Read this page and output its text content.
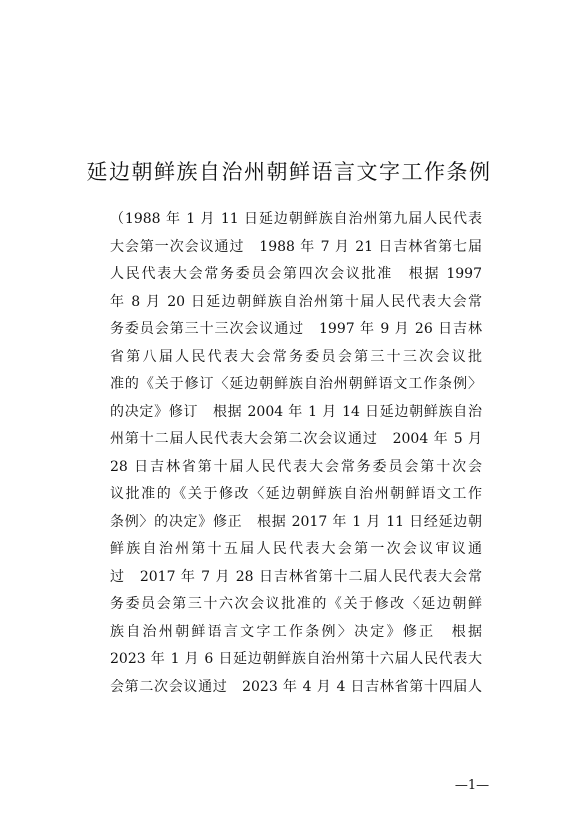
延边朝鲜族自治州朝鲜语言文字工作条例
（1988 年 1 月 11 日延边朝鲜族自治州第九届人民代表
大会第一次会议通过　1988 年 7 月 21 日吉林省第七届
人民代表大会常务委员会第四次会议批准　根据 1997
年 8 月 20 日延边朝鲜族自治州第十届人民代表大会常
务委员会第三十三次会议通过　1997 年 9 月 26 日吉林
省第八届人民代表大会常务委员会第三十三次会议批
准的《关于修订〈延边朝鲜族自治州朝鲜语文工作条例〉
的决定》修订　根据 2004 年 1 月 14 日延边朝鲜族自治
州第十二届人民代表大会第二次会议通过　2004 年 5 月
28 日吉林省第十届人民代表大会常务委员会第十次会
议批准的《关于修改〈延边朝鲜族自治州朝鲜语文工作
条例〉的决定》修正　根据 2017 年 1 月 11 日经延边朝
鲜族自治州第十五届人民代表大会第一次会议审议通
过　2017 年 7 月 28 日吉林省第十二届人民代表大会常
务委员会第三十六次会议批准的《关于修改〈延边朝鲜
族自治州朝鲜语言文字工作条例〉决定》修正　根据
2023 年 1 月 6 日延边朝鲜族自治州第十六届人民代表大
会第二次会议通过　2023 年 4 月 4 日吉林省第十四届人
—1—
